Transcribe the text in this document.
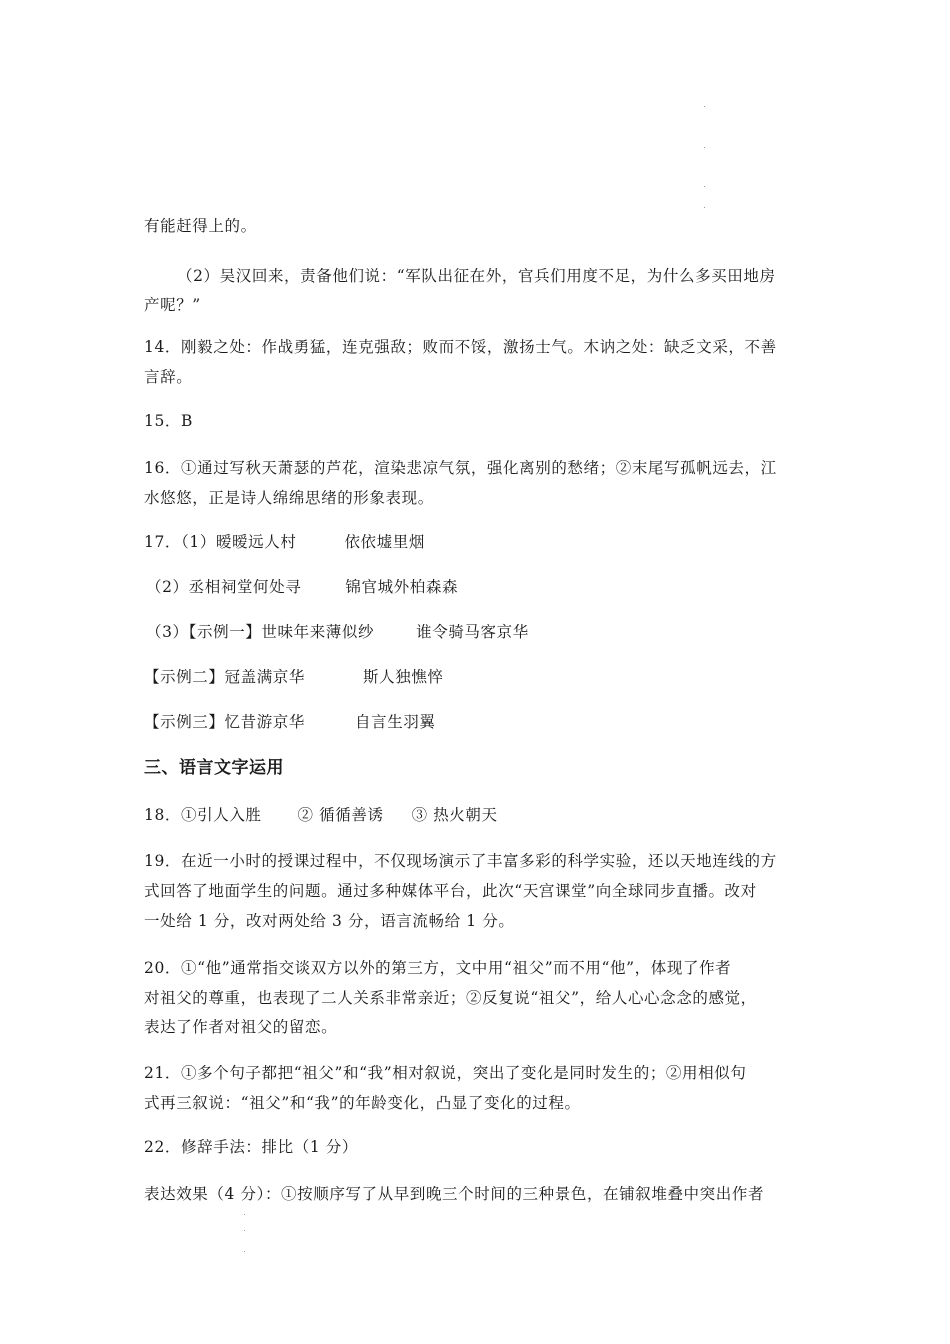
有能赶得上的。
（2）吴汉回来，责备他们说：“军队出征在外，官兵们用度不足，为什么多买田地房
产呢？”
14．刚毅之处：作战勇猛，连克强敌；败而不馁，激扬士气。木讷之处：缺乏文采，不善
言辞。
15．B
16．①通过写秋天萧瑟的芦花，渲染悲凉气氛，强化离别的愁绪；②末尾写孤帆远去，江
水悠悠，正是诗人绵绵思绪的形象表现。
17．（1）暧暧远人村	依依墟里烟
（2）丞相祠堂何处寻	锦官城外柏森森
（3）【示例一】世味年来薄似纱	谁令骑马客京华
【示例二】冠盖满京华	斯人独憔悴
【示例三】忆昔游京华	自言生羽翼
三、语言文字运用
18．①引人入胜 ② 循循善诱 ③ 热火朝天
19．在近一小时的授课过程中，不仅现场演示了丰富多彩的科学实验，还以天地连线的方
式回答了地面学生的问题。通过多种媒体平台，此次“天宫课堂”向全球同步直播。改对
一处给 1 分，改对两处给 3 分，语言流畅给 1 分。
20．①“他”通常指交谈双方以外的第三方，文中用“祖父”而不用“他”，体现了作者
对祖父的尊重，也表现了二人关系非常亲近；②反复说“祖父”，给人心心念念的感觉，
表达了作者对祖父的留恋。
21．①多个句子都把“祖父”和“我”相对叙说，突出了变化是同时发生的；②用相似句
式再三叙说：“祖父”和“我”的年龄变化，凸显了变化的过程。
22．修辞手法：排比（1 分）
表达效果（4 分）：①按顺序写了从早到晚三个时间的三种景色，在铺叙堆叠中突出作者
